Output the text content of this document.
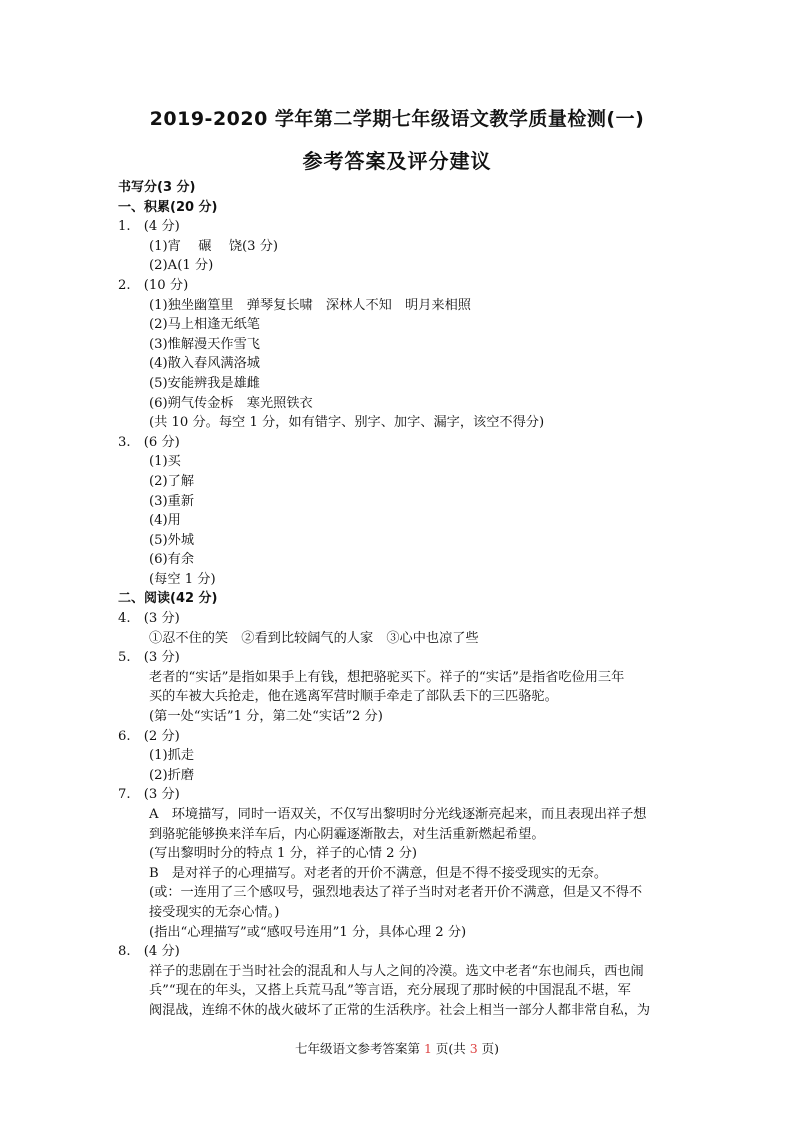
2019-2020 学年第二学期七年级语文教学质量检测(一)
参考答案及评分建议
书写分(3 分)
一、积累(20 分)
1.　(4 分)
(1)宵　 碾　 饶(3 分)
(2)A(1 分)
2.　(10 分)
(1)独坐幽篁里　弹琴复长啸　深林人不知　明月来相照
(2)马上相逢无纸笔
(3)惟解漫天作雪飞
(4)散入春风满洛城
(5)安能辨我是雄雌
(6)朔气传金柝　寒光照铁衣
(共 10 分。每空 1 分，如有错字、别字、加字、漏字，该空不得分)
3.　(6 分)
(1)买
(2)了解
(3)重新
(4)用
(5)外城
(6)有余
(每空 1 分)
二、阅读(42 分)
4.　(3 分)
①忍不住的笑　②看到比较阔气的人家　③心中也凉了些
5.　(3 分)
老者的“实话”是指如果手上有钱，想把骆驼买下。祥子的“实话”是指省吃俭用三年
买的车被大兵抢走，他在逃离军营时顺手牵走了部队丢下的三匹骆驼。
(第一处“实话”1 分，第二处“实话”2 分)
6.　(2 分)
(1)抓走
(2)折磨
7.　(3 分)
A　环境描写，同时一语双关，不仅写出黎明时分光线逐渐亮起来，而且表现出祥子想
到骆驼能够换来洋车后，内心阴霾逐渐散去，对生活重新燃起希望。
(写出黎明时分的特点 1 分，祥子的心情 2 分)
B　是对祥子的心理描写。对老者的开价不满意，但是不得不接受现实的无奈。
(或：一连用了三个感叹号，强烈地表达了祥子当时对老者开价不满意，但是又不得不
接受现实的无奈心情。)
(指出“心理描写”或“感叹号连用”1 分，具体心理 2 分)
8.　(4 分)
祥子的悲剧在于当时社会的混乱和人与人之间的冷漠。选文中老者“东也闹兵，西也闹
兵”“现在的年头，又搭上兵荒马乱”等言语，充分展现了那时候的中国混乱不堪，军
阀混战，连绵不休的战火破坏了正常的生活秩序。社会上相当一部分人都非常自私，为
七年级语文参考答案第 1 页(共 3 页)
